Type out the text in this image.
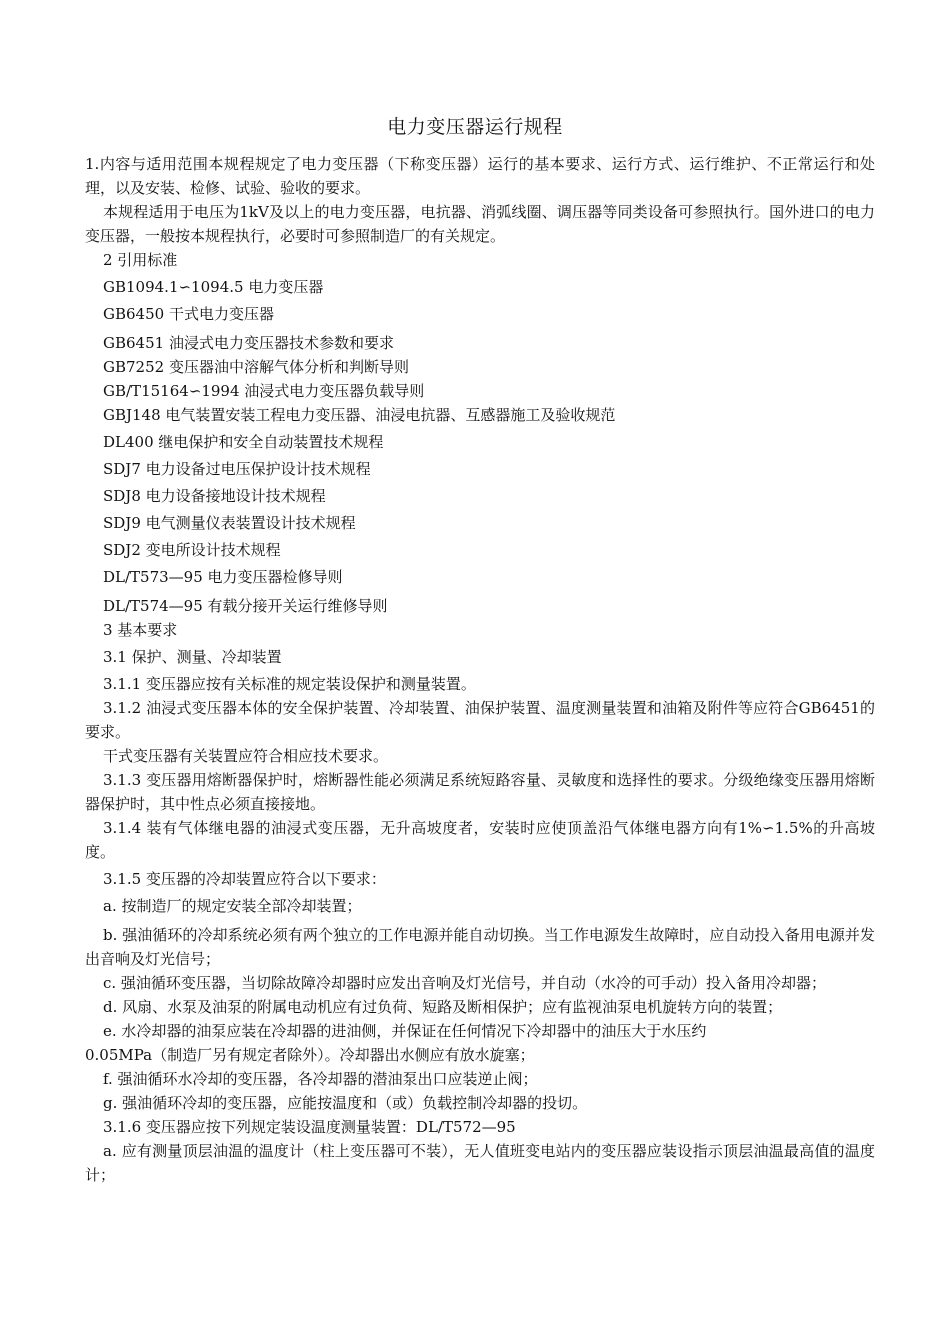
电力变压器运行规程

1.内容与适用范围本规程规定了电力变压器（下称变压器）运行的基本要求、运行方式、运行维护、不正常运行和处理，以及安装、检修、试验、验收的要求。

本规程适用于电压为1kV及以上的电力变压器，电抗器、消弧线圈、调压器等同类设备可参照执行。国外进口的电力变压器，一般按本规程执行，必要时可参照制造厂的有关规定。

2 引用标准

GB1094.1∽1094.5 电力变压器

GB6450 干式电力变压器

GB6451 油浸式电力变压器技术参数和要求

GB7252 变压器油中溶解气体分析和判断导则

GB/T15164∽1994 油浸式电力变压器负载导则

GBJ148 电气装置安装工程电力变压器、油浸电抗器、互感器施工及验收规范

DL400 继电保护和安全自动装置技术规程

SDJ7 电力设备过电压保护设计技术规程

SDJ8 电力设备接地设计技术规程

SDJ9 电气测量仪表装置设计技术规程

SDJ2 变电所设计技术规程

DL/T573—95 电力变压器检修导则

DL/T574—95 有载分接开关运行维修导则

3 基本要求

3.1 保护、测量、冷却装置

3.1.1 变压器应按有关标准的规定装设保护和测量装置。

3.1.2 油浸式变压器本体的安全保护装置、冷却装置、油保护装置、温度测量装置和油箱及附件等应符合GB6451的要求。

干式变压器有关装置应符合相应技术要求。

3.1.3 变压器用熔断器保护时，熔断器性能必须满足系统短路容量、灵敏度和选择性的要求。分级绝缘变压器用熔断器保护时，其中性点必须直接接地。

3.1.4 装有气体继电器的油浸式变压器，无升高坡度者，安装时应使顶盖沿气体继电器方向有1%∽1.5%的升高坡度。

3.1.5 变压器的冷却装置应符合以下要求：

a. 按制造厂的规定安装全部冷却装置；

b. 强油循环的冷却系统必须有两个独立的工作电源并能自动切换。当工作电源发生故障时，应自动投入备用电源并发出音响及灯光信号；

c. 强油循环变压器，当切除故障冷却器时应发出音响及灯光信号，并自动（水冷的可手动）投入备用冷却器；

d. 风扇、水泵及油泵的附属电动机应有过负荷、短路及断相保护；应有监视油泵电机旋转方向的装置；

e. 水冷却器的油泵应装在冷却器的进油侧，并保证在任何情况下冷却器中的油压大于水压约

0.05MPa（制造厂另有规定者除外）。冷却器出水侧应有放水旋塞；

f. 强油循环水冷却的变压器，各冷却器的潜油泵出口应装逆止阀；

g. 强油循环冷却的变压器，应能按温度和（或）负载控制冷却器的投切。

3.1.6 变压器应按下列规定装设温度测量装置：DL/T572—95

a. 应有测量顶层油温的温度计（柱上变压器可不装），无人值班变电站内的变压器应装设指示顶层油温最高值的温度计；
